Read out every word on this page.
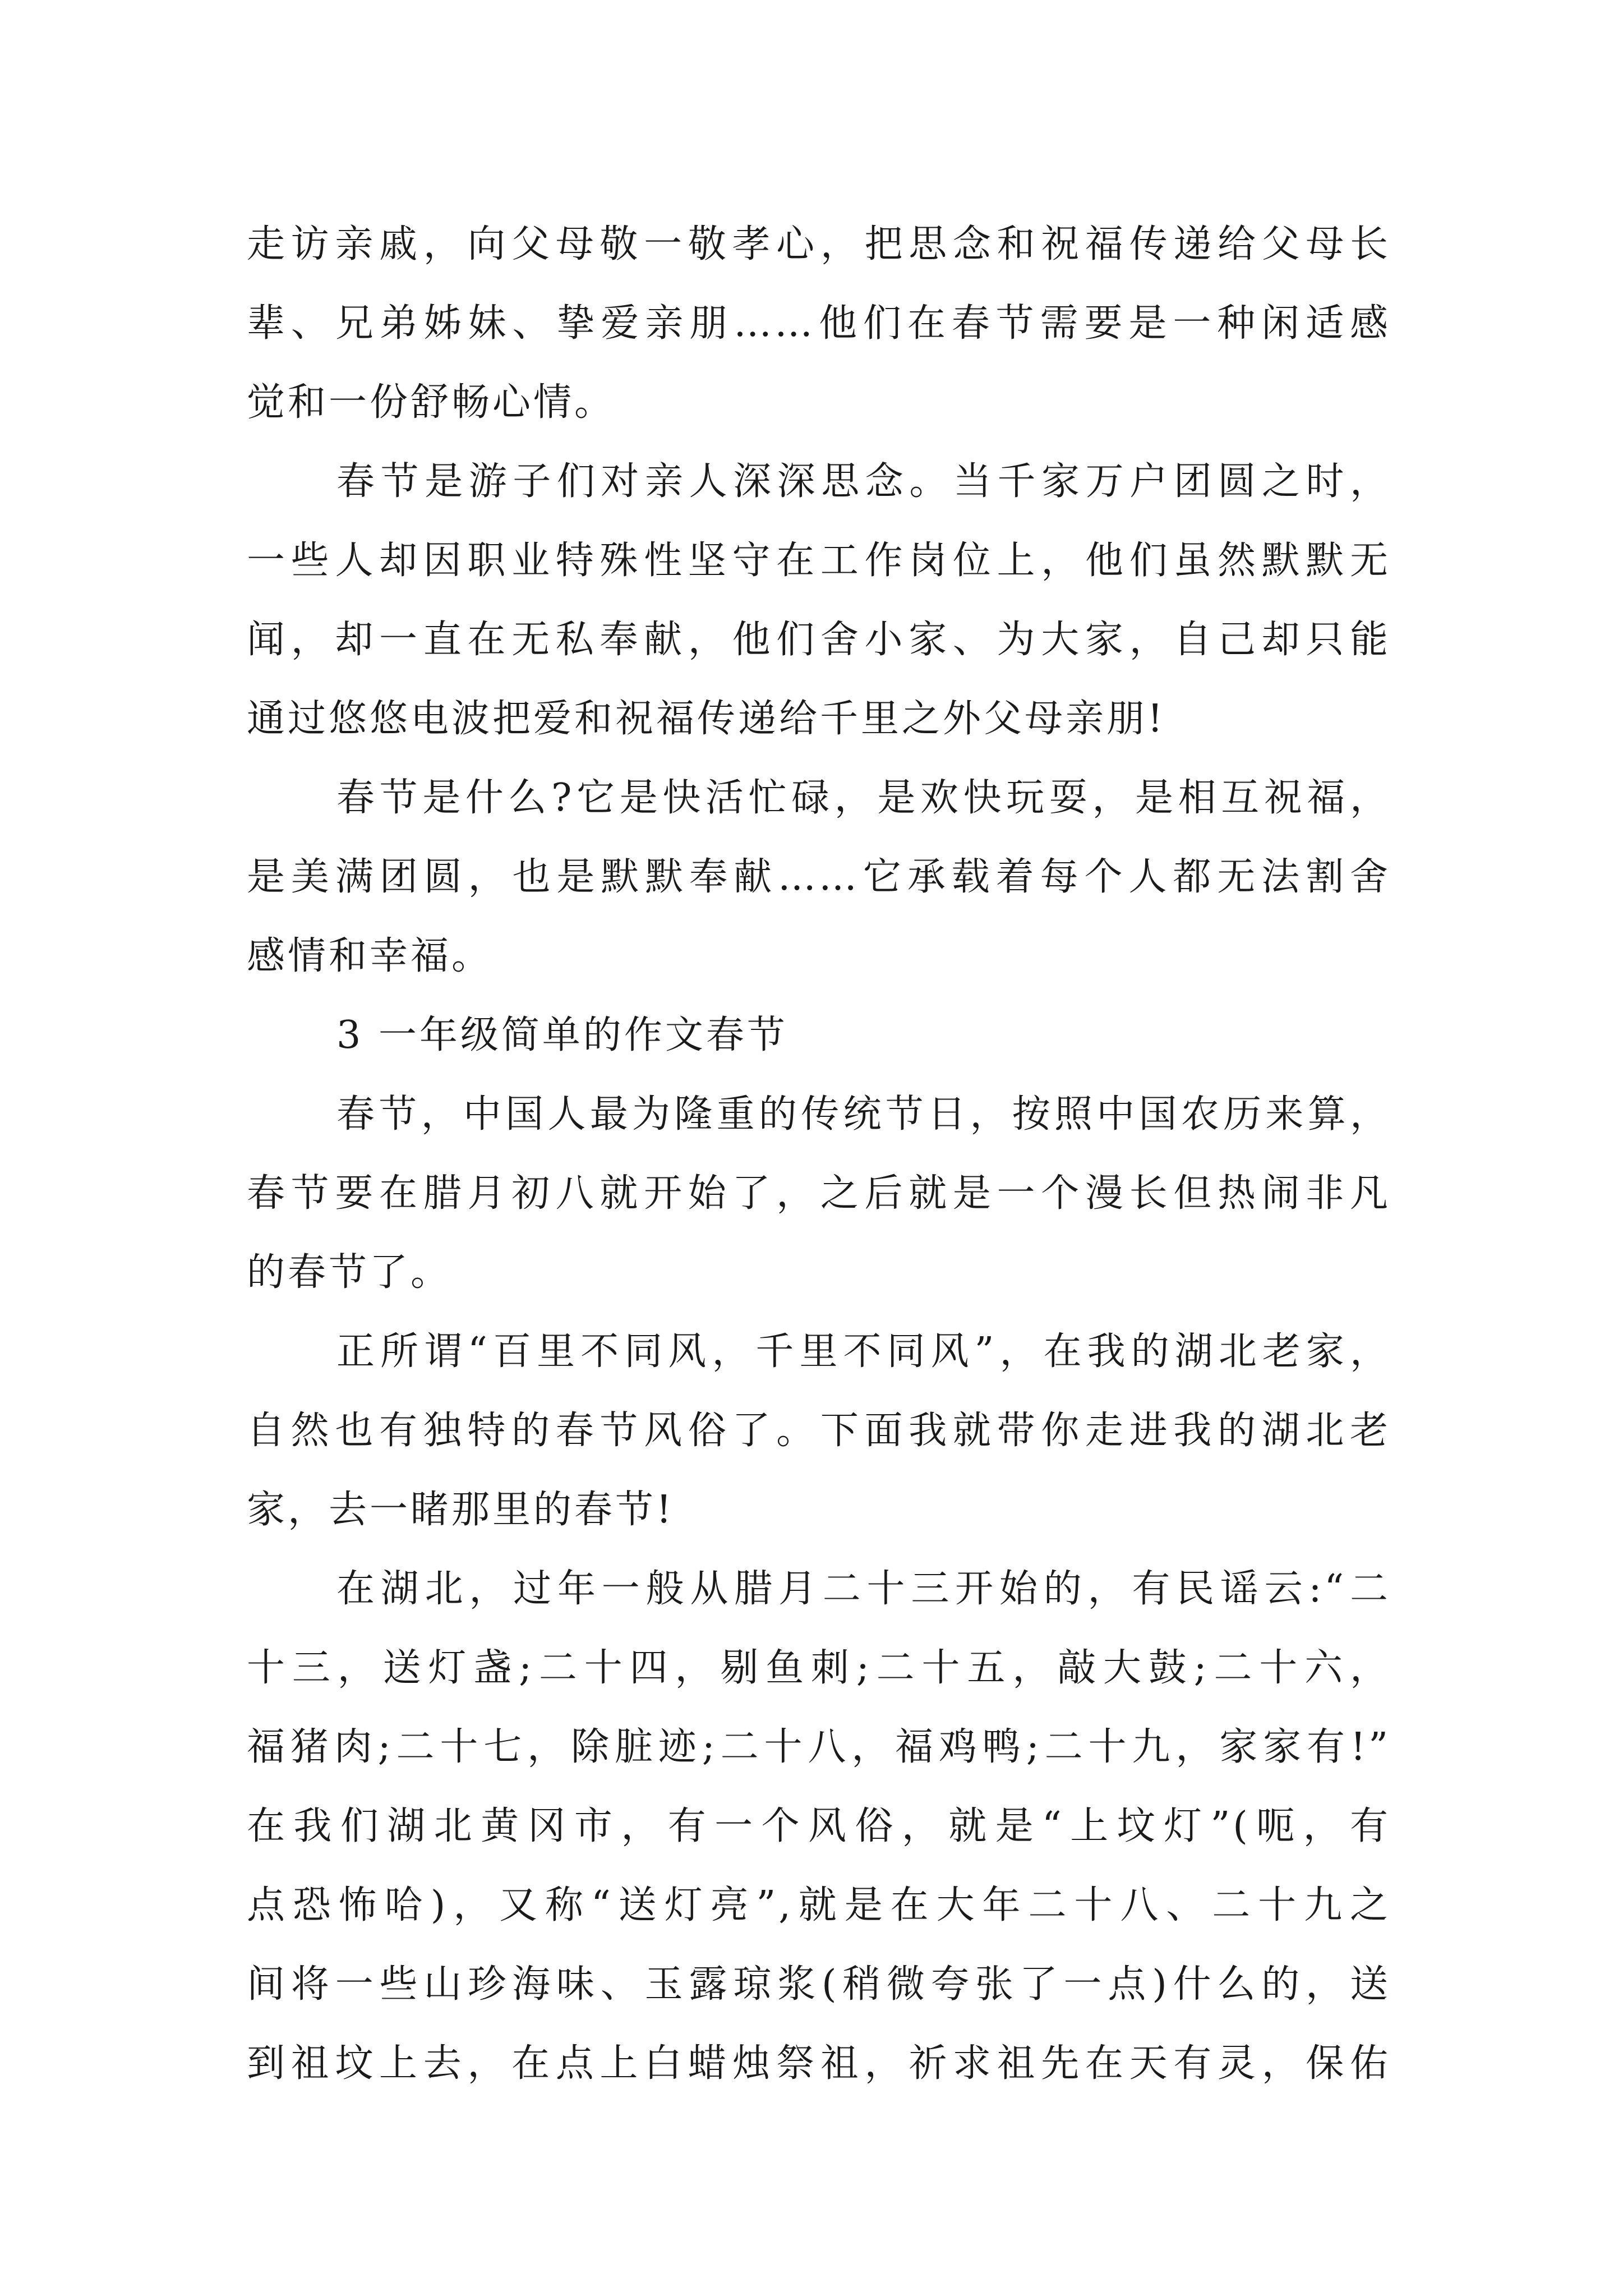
走访亲戚，向父母敬一敬孝心，把思念和祝福传递给父母长
辈、兄弟姊妹、挚爱亲朋……他们在春节需要是一种闲适感
觉和一份舒畅心情。
春节是游子们对亲人深深思念。当千家万户团圆之时，
一些人却因职业特殊性坚守在工作岗位上，他们虽然默默无
闻，却一直在无私奉献，他们舍小家、为大家，自己却只能
通过悠悠电波把爱和祝福传递给千里之外父母亲朋!
春节是什么?它是快活忙碌，是欢快玩耍，是相互祝福，
是美满团圆，也是默默奉献……它承载着每个人都无法割舍
感情和幸福。
3 一年级简单的作文春节
春节，中国人最为隆重的传统节日，按照中国农历来算，
春节要在腊月初八就开始了，之后就是一个漫长但热闹非凡
的春节了。
正所谓“百里不同风，千里不同风”，在我的湖北老家，
自然也有独特的春节风俗了。下面我就带你走进我的湖北老
家，去一睹那里的春节!
在湖北，过年一般从腊月二十三开始的，有民谣云:“二
十三，送灯盏;二十四，剔鱼刺;二十五，敲大鼓;二十六，
福猪肉;二十七，除脏迹;二十八，福鸡鸭;二十九，家家有!”
在我们湖北黄冈市，有一个风俗，就是“上坟灯”(呃，有
点恐怖哈)，又称“送灯亮”,就是在大年二十八、二十九之
间将一些山珍海味、玉露琼浆(稍微夸张了一点)什么的，送
到祖坟上去，在点上白蜡烛祭祖，祈求祖先在天有灵，保佑
